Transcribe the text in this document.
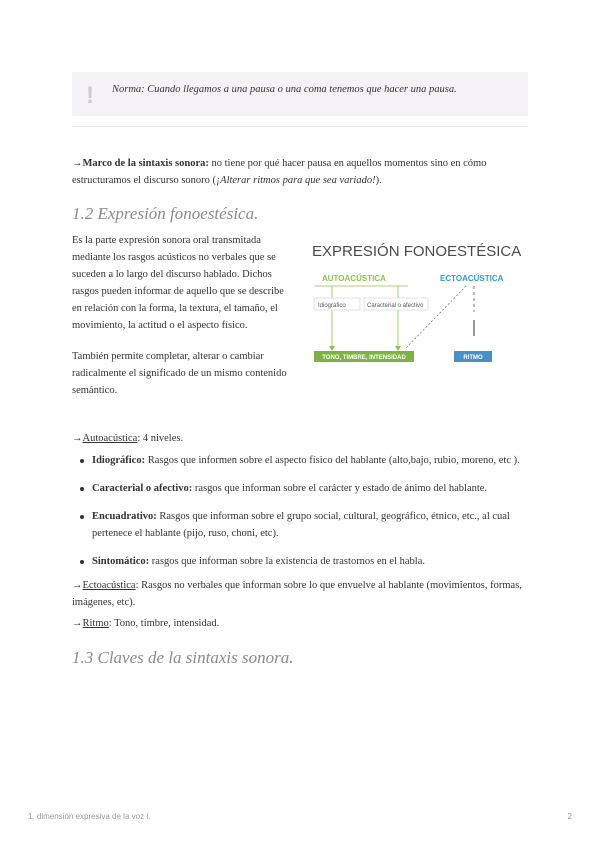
! Norma: Cuando llegamos a una pausa o una coma tenemos que hacer una pausa.
→Marco de la sintaxis sonora: no tiene por qué hacer pausa en aquellos momentos sino en cómo estructuramos el discurso sonoro (¡Alterar ritmos para que sea variado!).
1.2 Expresión fonoestésica.
Es la parte expresión sonora oral transmitada mediante los rasgos acústicos no verbales que se suceden a lo largo del discurso hablado. Dichos rasgos pueden informar de aquello que se describe en relación con la forma, la textura, el tamaño, el movimiento, la actitud o el aspecto físico.
También permite completar, alterar o cambiar radicalmente el significado de un mismo contenido semántico.
EXPRESIÓN FONOESTÉSICA
AUTOACÚSTICA	ECTOACÚSTICA
Idiográfico	Caracterial o afectivo
TONO, TIMBRE, INTENSIDAD	RITMO
→Autoacústica: 4 niveles.
Idiográfico: Rasgos que informen sobre el aspecto físico del hablante (alto,bajo, rubio, moreno, etc ).
Caracterial o afectivo: rasgos que informan sobre el carácter y estado de ánimo del hablante.
Encuadrativo: Rasgos que informan sobre el grupo social, cultural, geográfico, étnico, etc., al cual pertenece el hablante (pijo, ruso, choni, etc).
Sintomático: rasgos que informan sobre la existencia de trastornos en el habla.
→Ectoacústica: Rasgos no verbales que informan sobre lo que envuelve al hablante (movimientos, formas, imágenes, etc).
→Ritmo: Tono, timbre, intensidad.
1.3 Claves de la sintaxis sonora.
1. dimensión expresiva de la voz I.	2
